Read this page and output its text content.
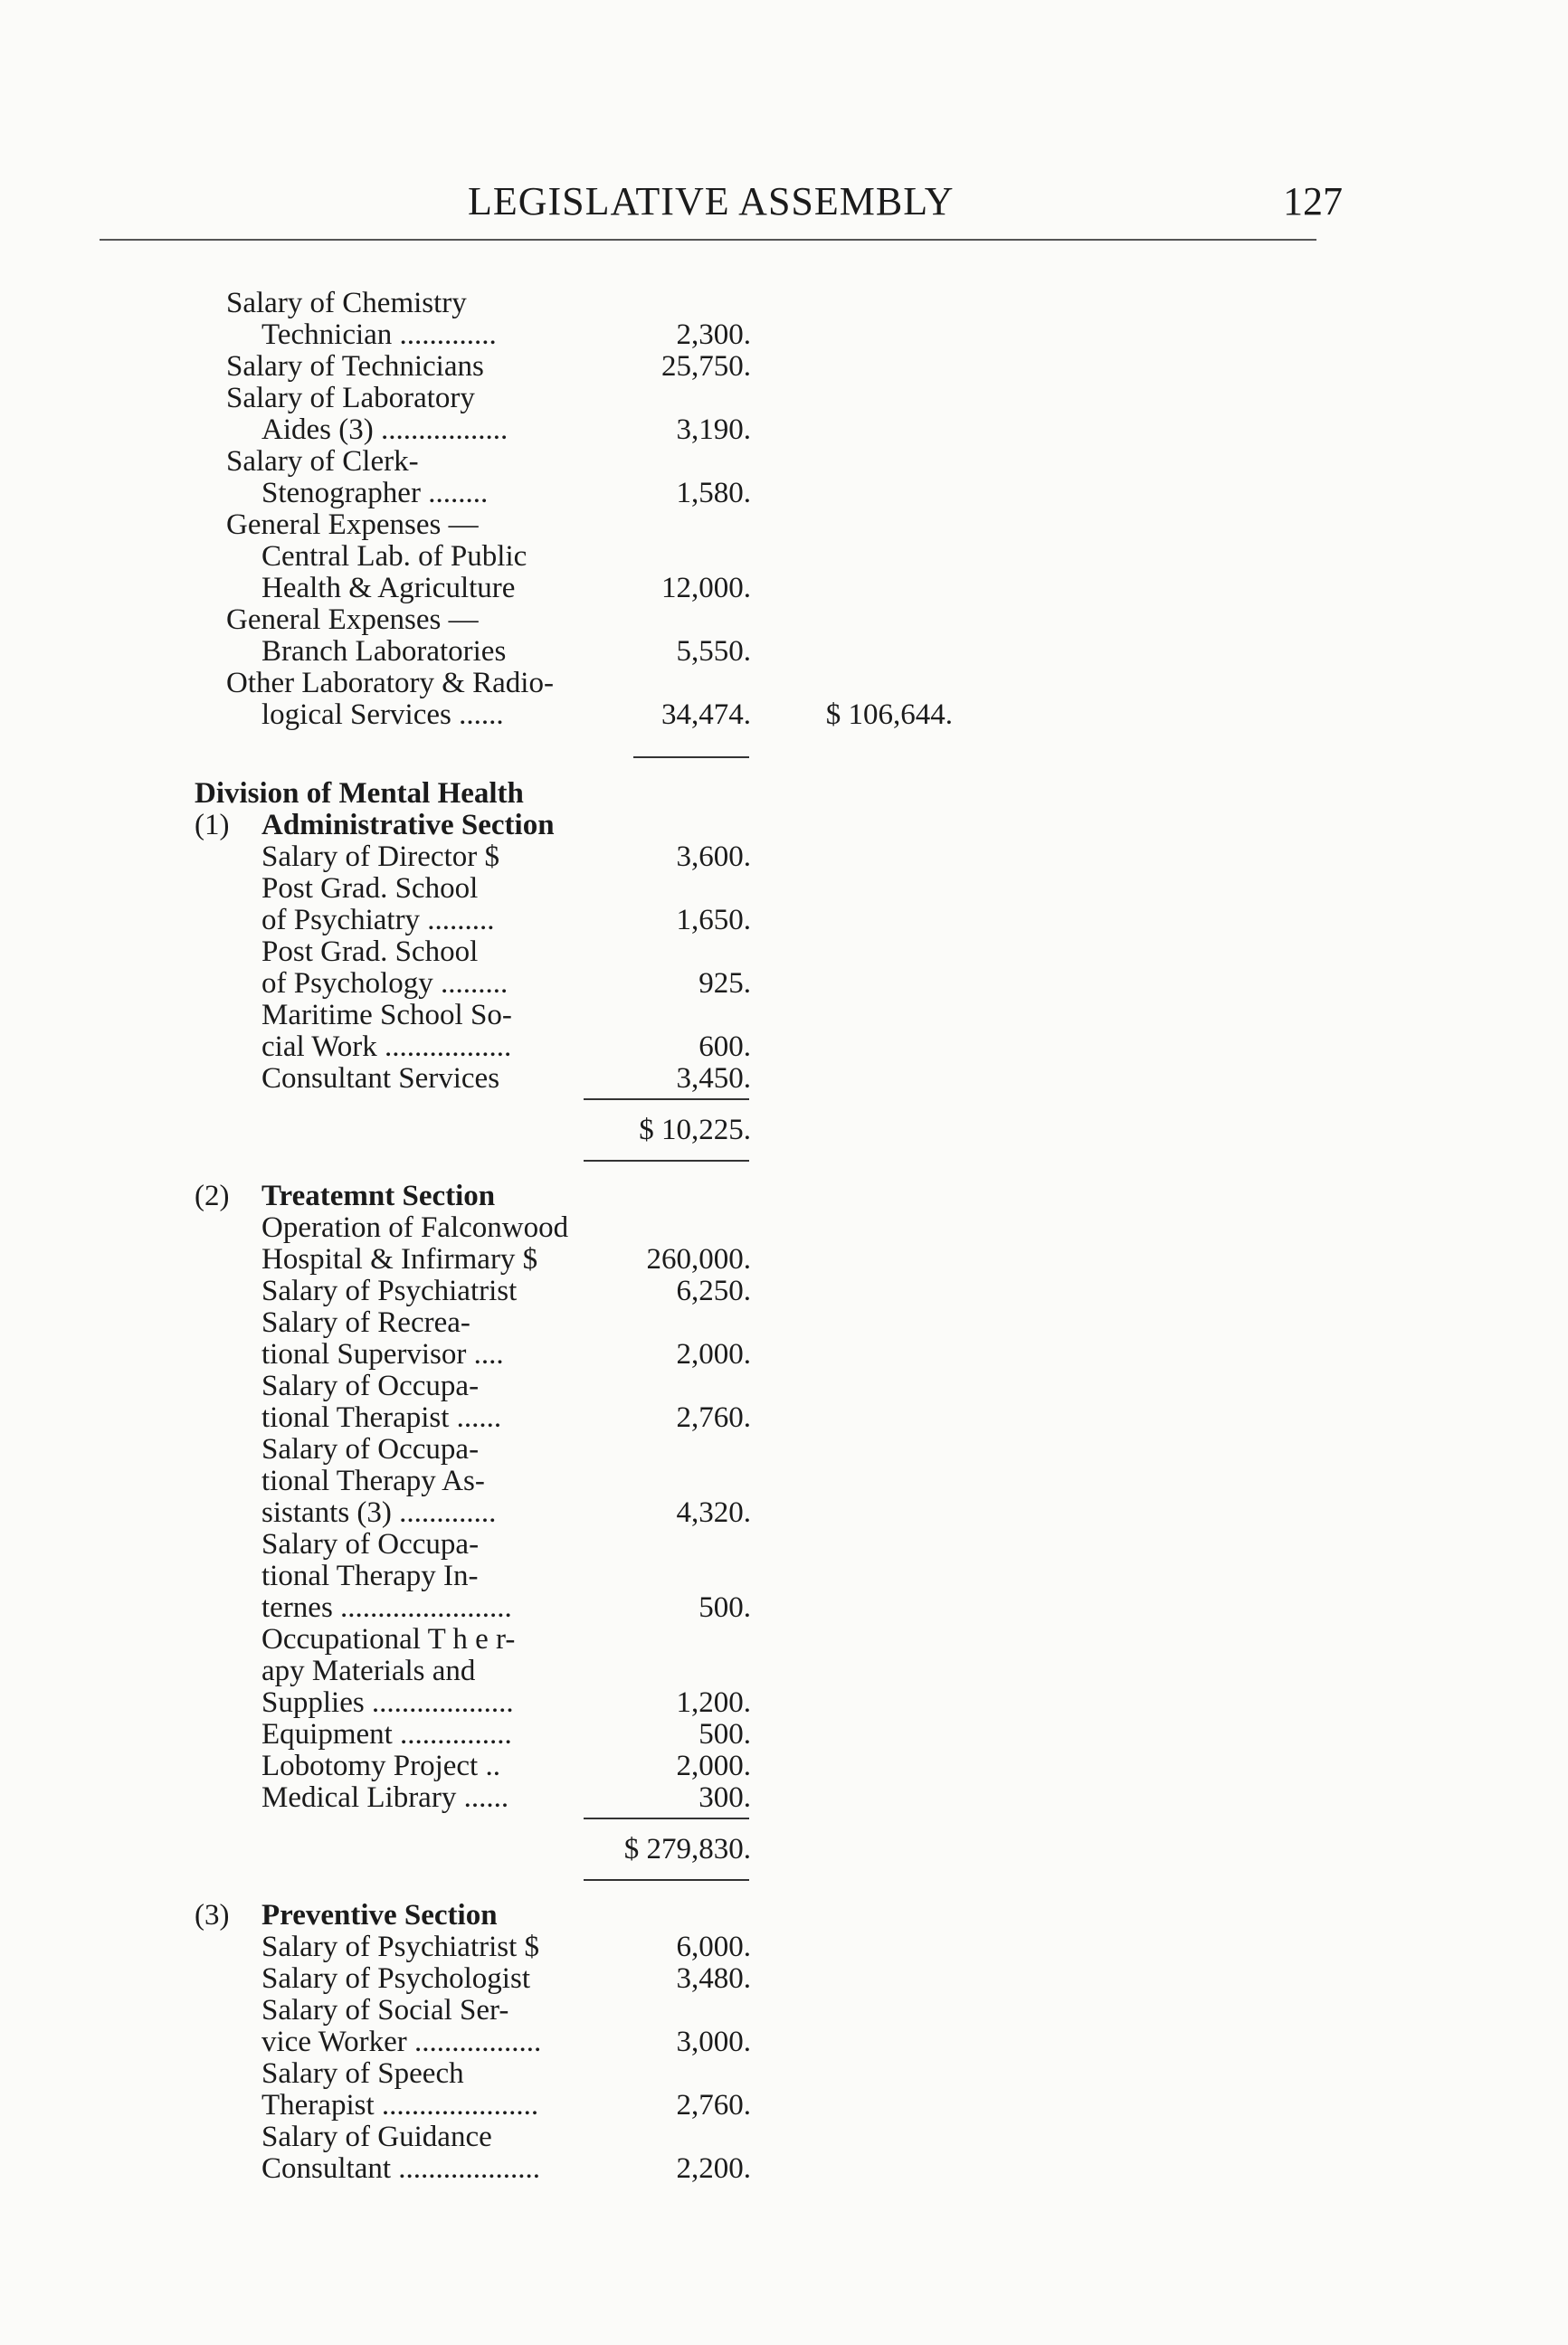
LEGISLATIVE ASSEMBLY	127
Salary of Chemistry
Technician .............	2,300.
Salary of Technicians	25,750.
Salary of Laboratory
Aides (3) .................	3,190.
Salary of Clerk-
Stenographer ........	1,580.
General Expenses —
Central Lab. of Public
Health & Agriculture	12,000.
General Expenses —
Branch Laboratories	5,550.
Other Laboratory & Radio-
logical Services ......	34,474.	$ 106,644.
Division of Mental Health
(1) Administrative Section
Salary of Director $	3,600.
Post Grad. School
of Psychiatry .........	1,650.
Post Grad. School
of Psychology .........	925.
Maritime School So-
cial Work .................	600.
Consultant Services	3,450.
$ 10,225.
(2) Treatemnt Section
Operation of Falconwood
Hospital & Infirmary $	260,000.
Salary of Psychiatrist	6,250.
Salary of Recrea-
tional Supervisor ....	2,000.
Salary of Occupa-
tional Therapist ......	2,760.
Salary of Occupa-
tional Therapy As-
sistants (3) .............	4,320.
Salary of Occupa-
tional Therapy In-
ternes .......................	500.
Occupational T h e r-
apy Materials and
Supplies ...................	1,200.
Equipment ...............	500.
Lobotomy Project ..	2,000.
Medical Library ......	300.
$ 279,830.
(3) Preventive Section
Salary of Psychiatrist $	6,000.
Salary of Psychologist	3,480.
Salary of Social Ser-
vice Worker .................	3,000.
Salary of Speech
Therapist .....................	2,760.
Salary of Guidance
Consultant ...................	2,200.
